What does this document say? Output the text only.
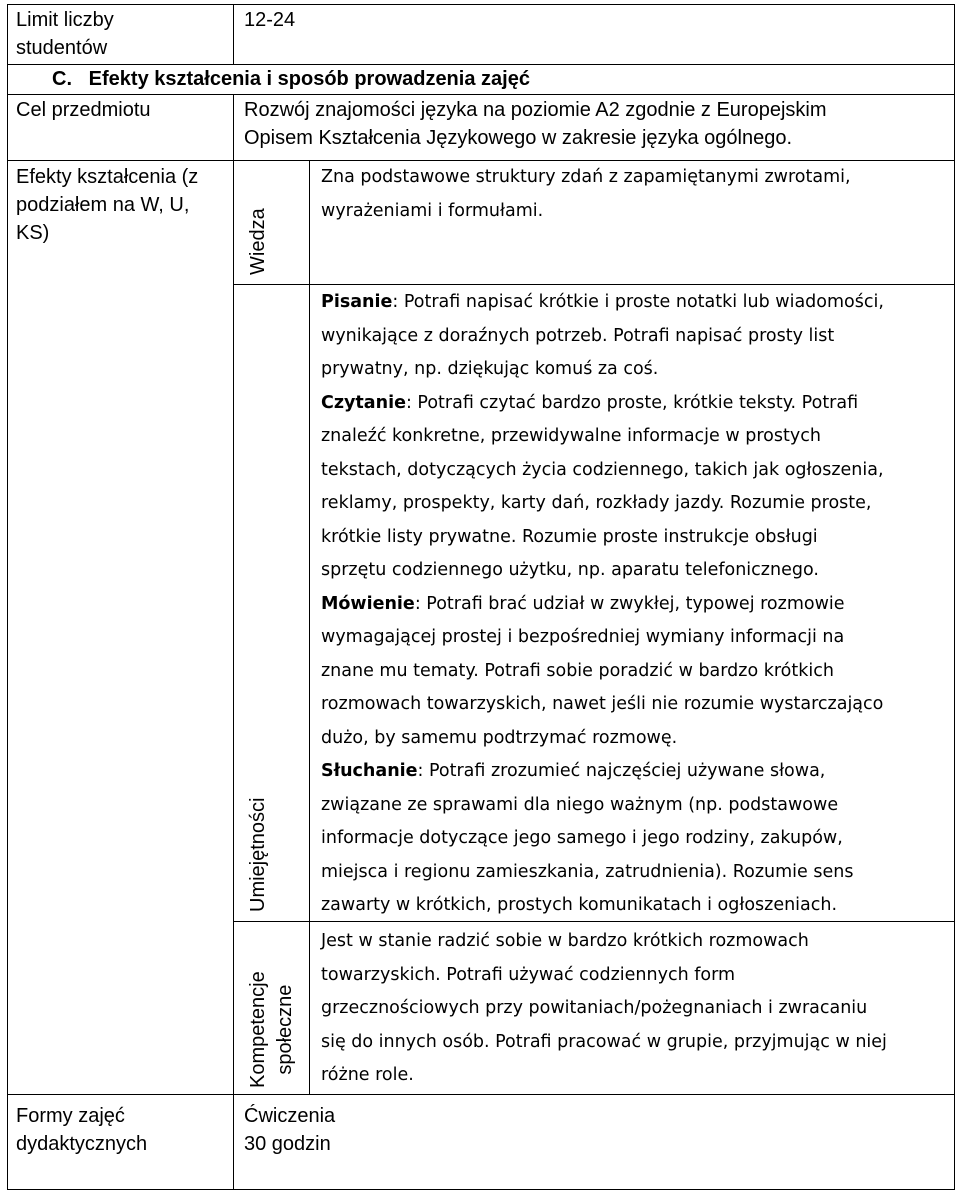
Limit liczby
studentów
12-24
C.   Efekty kształcenia i sposób prowadzenia zajęć
Cel przedmiotu	Rozwój znajomości języka na poziomie A2 zgodnie z Europejskim
Opisem Kształcenia Językowego w zakresie języka ogólnego.
Efekty kształcenia (z
podziałem na W, U,
KS)	Wiedza
Zna podstawowe struktury zdań z zapamiętanymi zwrotami,
wyrażeniami i formułami.
Umiejętności
Pisanie: Potrafi napisać krótkie i proste notatki lub wiadomości,
wynikające z doraźnych potrzeb. Potrafi napisać prosty list
prywatny, np. dziękując komuś za coś.
Czytanie: Potrafi czytać bardzo proste, krótkie teksty. Potrafi
znaleźć konkretne, przewidywalne informacje w prostych
tekstach, dotyczących życia codziennego, takich jak ogłoszenia,
reklamy, prospekty, karty dań, rozkłady jazdy. Rozumie proste,
krótkie listy prywatne. Rozumie proste instrukcje obsługi
sprzętu codziennego użytku, np. aparatu telefonicznego.
Mówienie: Potrafi brać udział w zwykłej, typowej rozmowie
wymagającej prostej i bezpośredniej wymiany informacji na
znane mu tematy. Potrafi sobie poradzić w bardzo krótkich
rozmowach towarzyskich, nawet jeśli nie rozumie wystarczająco
dużo, by samemu podtrzymać rozmowę.
Słuchanie: Potrafi zrozumieć najczęściej używane słowa,
związane ze sprawami dla niego ważnym (np. podstawowe
informacje dotyczące jego samego i jego rodziny, zakupów,
miejsca i regionu zamieszkania, zatrudnienia). Rozumie sens
zawarty w krótkich, prostych komunikatach i ogłoszeniach.
Kompetencje społeczne
Jest w stanie radzić sobie w bardzo krótkich rozmowach
towarzyskich. Potrafi używać codziennych form
grzecznościowych przy powitaniach/pożegnaniach i zwracaniu
się do innych osób. Potrafi pracować w grupie, przyjmując w niej
różne role.
Formy zajęć
dydaktycznych
Ćwiczenia
30 godzin
